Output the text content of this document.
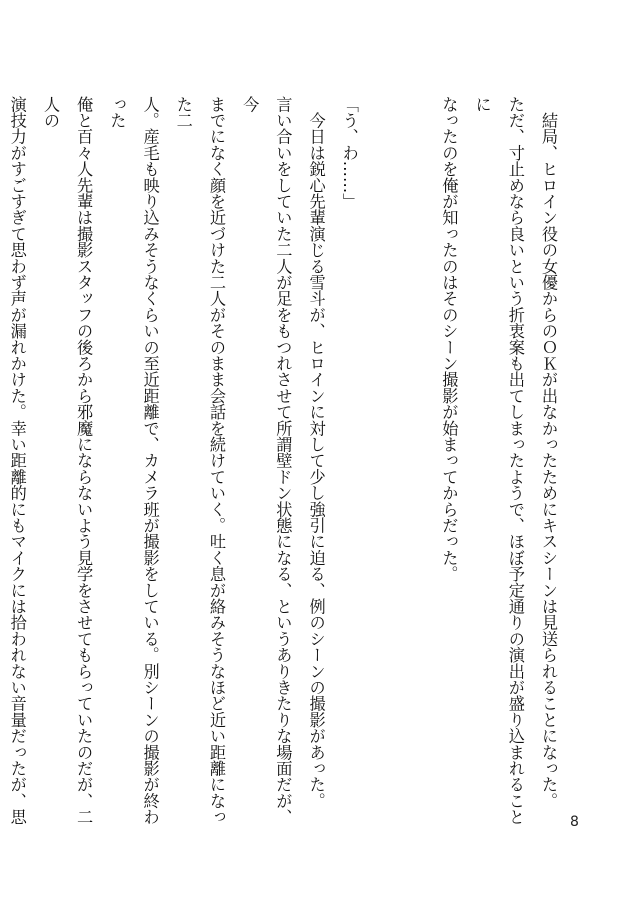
　結局、ヒロイン役の女優からのＯＫが出なかったためにキスシーンは見送られることになった。
ただ、寸止めなら良いという折衷案も出てしまったようで、ほぼ予定通りの演出が盛り込まれることに
なったのを俺が知ったのはそのシーン撮影が始まってからだった。
「う、わ……」
　今日は鋭心先輩演じる雪斗が、ヒロインに対して少し強引に迫る、例のシーンの撮影があった。
言い合いをしていた二人が足をもつれさせて所謂壁ドン状態になる、というありきたりな場面だが、今
までになく顔を近づけた二人がそのまま会話を続けていく。吐く息が絡みそうなほど近い距離になった二
人。産毛も映り込みそうなくらいの至近距離で、カメラ班が撮影をしている。別シーンの撮影が終わった
俺と百々人先輩は撮影スタッフの後ろから邪魔にならないよう見学をさせてもらっていたのだが、二人の
演技力がすごすぎて思わず声が漏れかけた。幸い距離的にもマイクには拾われない音量だったが、思	8
